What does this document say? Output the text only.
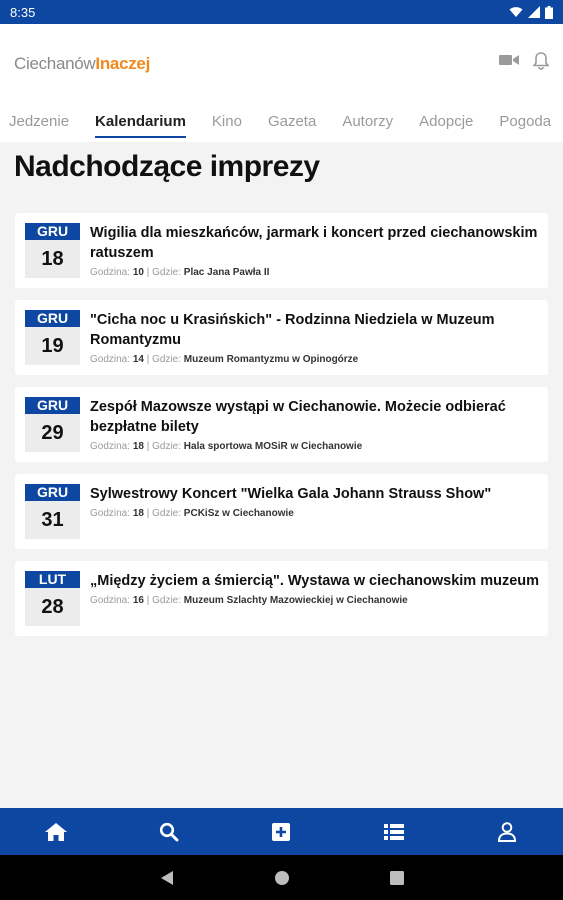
8:35
CiechanówInaczej
Jedzenie	Kalendarium	Kino	Gazeta	Autorzy	Adopcje	Pogoda
Nadchodzące imprezy
GRU
18
Wigilia dla mieszkańców, jarmark i koncert przed ciechanowskim ratuszem
Godzina: 10 | Gdzie: Plac Jana Pawła II
GRU
19
"Cicha noc u Krasińskich" - Rodzinna Niedziela w Muzeum Romantyzmu
Godzina: 14 | Gdzie: Muzeum Romantyzmu w Opinogórze
GRU
29
Zespół Mazowsze wystąpi w Ciechanowie. Możecie odbierać bezpłatne bilety
Godzina: 18 | Gdzie: Hala sportowa MOSiR w Ciechanowie
GRU
31
Sylwestrowy Koncert "Wielka Gala Johann Strauss Show"
Godzina: 18 | Gdzie: PCKiSz w Ciechanowie
LUT
28
„Między życiem a śmiercią". Wystawa w ciechanowskim muzeum
Godzina: 16 | Gdzie: Muzeum Szlachty Mazowieckiej w Ciechanowie
